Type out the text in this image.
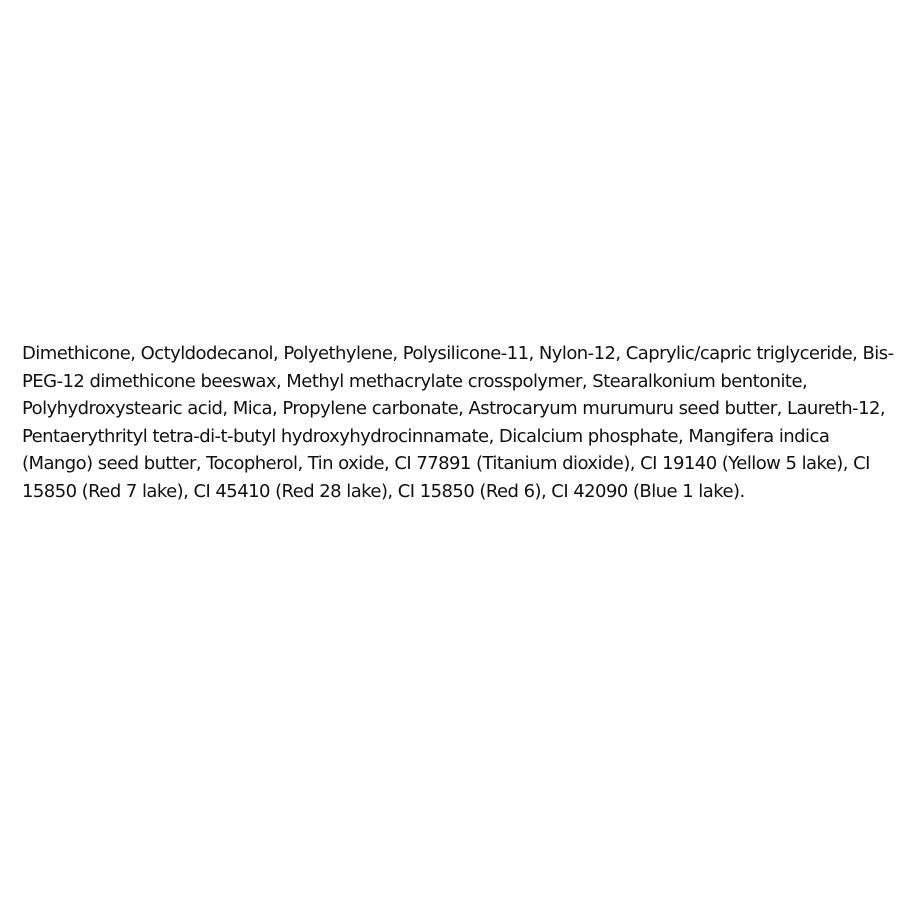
Dimethicone, Octyldodecanol, Polyethylene, Polysilicone-11, Nylon-12, Caprylic/capric triglyceride, Bis-PEG-12 dimethicone beeswax, Methyl methacrylate crosspolymer, Stearalkonium bentonite, Polyhydroxystearic acid, Mica, Propylene carbonate, Astrocaryum murumuru seed butter, Laureth-12, Pentaerythrityl tetra-di-t-butyl hydroxyhydrocinnamate, Dicalcium phosphate, Mangifera indica (Mango) seed butter, Tocopherol, Tin oxide, CI 77891 (Titanium dioxide), CI 19140 (Yellow 5 lake), CI 15850 (Red 7 lake), CI 45410 (Red 28 lake), CI 15850 (Red 6), CI 42090 (Blue 1 lake).
